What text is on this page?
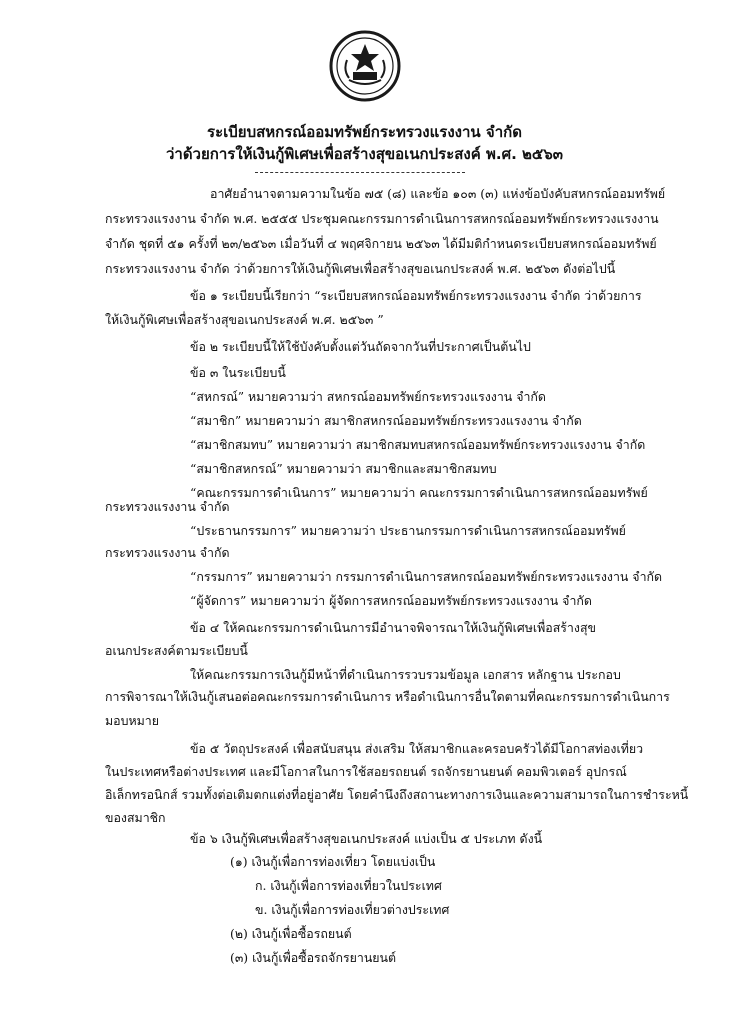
ระเบียบสหกรณ์ออมทรัพย์กระทรวงแรงงาน จำกัด
ว่าด้วยการให้เงินกู้พิเศษเพื่อสร้างสุขอเนกประสงค์ พ.ศ. ๒๕๖๓
อาศัยอำนาจตามความในข้อ ๗๕ (๘) และข้อ ๑๐๓ (๓) แห่งข้อบังคับสหกรณ์ออมทรัพย์
กระทรวงแรงงาน จำกัด พ.ศ. ๒๕๕๕ ประชุมคณะกรรมการดำเนินการสหกรณ์ออมทรัพย์กระทรวงแรงงาน
จำกัด ชุดที่ ๕๑ ครั้งที่ ๒๓/๒๕๖๓ เมื่อวันที่ ๔ พฤศจิกายน ๒๕๖๓ ได้มีมติกำหนดระเบียบสหกรณ์ออมทรัพย์
กระทรวงแรงงาน จำกัด ว่าด้วยการให้เงินกู้พิเศษเพื่อสร้างสุขอเนกประสงค์ พ.ศ. ๒๕๖๓ ดังต่อไปนี้
ข้อ ๑ ระเบียบนี้เรียกว่า “ระเบียบสหกรณ์ออมทรัพย์กระทรวงแรงงาน จำกัด ว่าด้วยการ
ให้เงินกู้พิเศษเพื่อสร้างสุขอเนกประสงค์ พ.ศ. ๒๕๖๓ ”
ข้อ ๒ ระเบียบนี้ให้ใช้บังคับตั้งแต่วันถัดจากวันที่ประกาศเป็นต้นไป
ข้อ ๓ ในระเบียบนี้
“สหกรณ์” หมายความว่า สหกรณ์ออมทรัพย์กระทรวงแรงงาน จำกัด
“สมาชิก” หมายความว่า สมาชิกสหกรณ์ออมทรัพย์กระทรวงแรงงาน จำกัด
“สมาชิกสมทบ” หมายความว่า สมาชิกสมทบสหกรณ์ออมทรัพย์กระทรวงแรงงาน จำกัด
“สมาชิกสหกรณ์” หมายความว่า สมาชิกและสมาชิกสมทบ
“คณะกรรมการดำเนินการ” หมายความว่า คณะกรรมการดำเนินการสหกรณ์ออมทรัพย์
กระทรวงแรงงาน จำกัด
“ประธานกรรมการ” หมายความว่า ประธานกรรมการดำเนินการสหกรณ์ออมทรัพย์
กระทรวงแรงงาน จำกัด
“กรรมการ” หมายความว่า กรรมการดำเนินการสหกรณ์ออมทรัพย์กระทรวงแรงงาน จำกัด
“ผู้จัดการ” หมายความว่า ผู้จัดการสหกรณ์ออมทรัพย์กระทรวงแรงงาน จำกัด
ข้อ ๔ ให้คณะกรรมการดำเนินการมีอำนาจพิจารณาให้เงินกู้พิเศษเพื่อสร้างสุข
อเนกประสงค์ตามระเบียบนี้
ให้คณะกรรมการเงินกู้มีหน้าที่ดำเนินการรวบรวมข้อมูล เอกสาร หลักฐาน ประกอบ
การพิจารณาให้เงินกู้เสนอต่อคณะกรรมการดำเนินการ หรือดำเนินการอื่นใดตามที่คณะกรรมการดำเนินการ
มอบหมาย
ข้อ ๕ วัตถุประสงค์ เพื่อสนับสนุน ส่งเสริม ให้สมาชิกและครอบครัวได้มีโอกาสท่องเที่ยว
ในประเทศหรือต่างประเทศ และมีโอกาสในการใช้สอยรถยนต์ รถจักรยานยนต์ คอมพิวเตอร์ อุปกรณ์
อิเล็กทรอนิกส์ รวมทั้งต่อเติมตกแต่งที่อยู่อาศัย โดยคำนึงถึงสถานะทางการเงินและความสามารถในการชำระหนี้
ของสมาชิก
ข้อ ๖ เงินกู้พิเศษเพื่อสร้างสุขอเนกประสงค์ แบ่งเป็น ๕ ประเภท ดังนี้
(๑) เงินกู้เพื่อการท่องเที่ยว โดยแบ่งเป็น
ก. เงินกู้เพื่อการท่องเที่ยวในประเทศ
ข. เงินกู้เพื่อการท่องเที่ยวต่างประเทศ
(๒) เงินกู้เพื่อซื้อรถยนต์
(๓) เงินกู้เพื่อซื้อรถจักรยานยนต์
